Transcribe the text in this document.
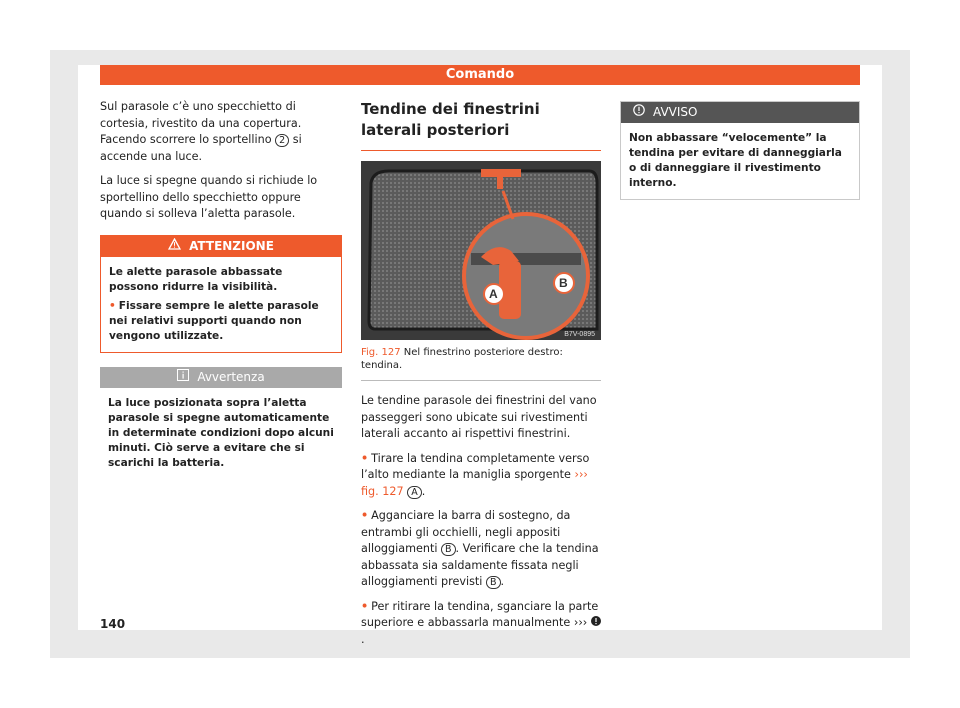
Comando

Sul parasole c’è uno specchietto di cortesia, rivestito da una copertura. Facendo scorrere lo sportellino 2 si accende una luce.

La luce si spegne quando si richiude lo sportellino dello specchietto oppure quando si solleva l’aletta parasole.

ATTENZIONE
Le alette parasole abbassate possono ridurre la visibilità.
• Fissare sempre le alette parasole nei relativi supporti quando non vengono utilizzate.
Avvertenza
La luce posizionata sopra l’aletta parasole si spegne automaticamente in determinate condizioni dopo alcuni minuti. Ciò serve a evitare che si scarichi la batteria.
Tendine dei finestrini laterali posteriori
A
B
B7V-0895
Fig. 127 Nel finestrino posteriore destro: tendina.

Le tendine parasole dei finestrini del vano passeggeri sono ubicate sui rivestimenti laterali accanto ai rispettivi finestrini.

• Tirare la tendina completamente verso l’alto mediante la maniglia sporgente ››› fig. 127 A .

• Agganciare la barra di sostegno, da entrambi gli occhielli, negli appositi alloggiamenti B . Verificare che la tendina abbassata sia saldamente fissata negli alloggiamenti previsti B .

• Per ritirare la tendina, sganciare la parte superiore e abbassarla manualmente ››› .

AVVISO
Non abbassare “velocemente” la tendina per evitare di danneggiarla o di danneggiare il rivestimento interno.
140
